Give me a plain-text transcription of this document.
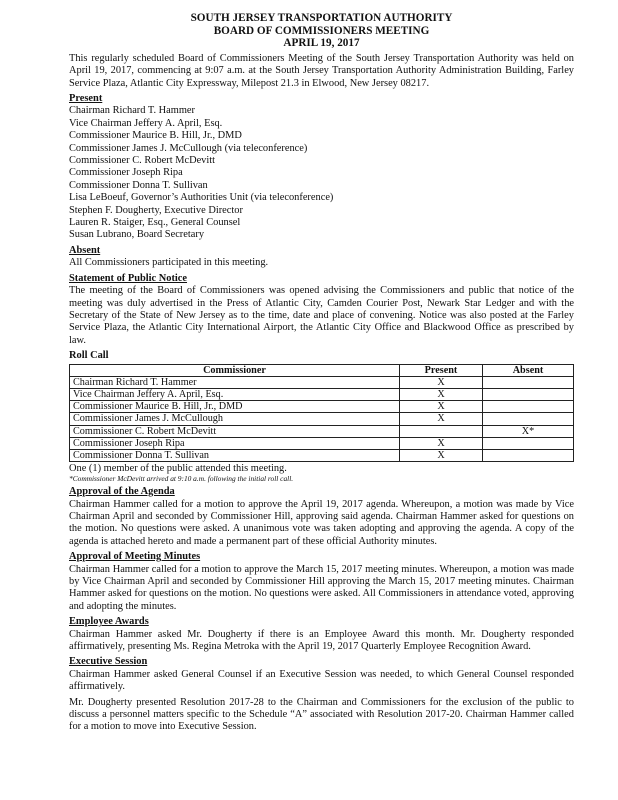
SOUTH JERSEY TRANSPORTATION AUTHORITY
BOARD OF COMMISSIONERS MEETING
APRIL 19, 2017

This regularly scheduled Board of Commissioners Meeting of the South Jersey Transportation Authority was held on April 19, 2017, commencing at 9:07 a.m. at the South Jersey Transportation Authority Administration Building, Farley Service Plaza, Atlantic City Expressway, Milepost 21.3 in Elwood, New Jersey 08217.

Present
Chairman Richard T. Hammer
Vice Chairman Jeffery A. April, Esq.
Commissioner Maurice B. Hill, Jr., DMD
Commissioner James J. McCullough (via teleconference)
Commissioner C. Robert McDevitt
Commissioner Joseph Ripa
Commissioner Donna T. Sullivan
Lisa LeBoeuf, Governor’s Authorities Unit (via teleconference)
Stephen F. Dougherty, Executive Director
Lauren R. Staiger, Esq., General Counsel
Susan Lubrano, Board Secretary
Absent

All Commissioners participated in this meeting.

Statement of Public Notice

The meeting of the Board of Commissioners was opened advising the Commissioners and public that notice of the meeting was duly advertised in the Press of Atlantic City, Camden Courier Post, Newark Star Ledger and with the Secretary of the State of New Jersey as to the time, date and place of convening. Notice was also posted at the Farley Service Plaza, the Atlantic City International Airport, the Atlantic City Office and Blackwood Office as prescribed by law.

Roll Call
Commissioner	Present	Absent
Chairman Richard T. Hammer	X	
Vice Chairman Jeffery A. April, Esq.	X	
Commissioner Maurice B. Hill, Jr., DMD	X	
Commissioner James J. McCullough	X	
Commissioner C. Robert McDevitt		X*
Commissioner Joseph Ripa	X	
Commissioner Donna T. Sullivan	X	
One (1) member of the public attended this meeting.
*Commissioner McDevitt arrived at 9:10 a.m. following the initial roll call.
Approval of the Agenda

Chairman Hammer called for a motion to approve the April 19, 2017 agenda. Whereupon, a motion was made by Vice Chairman April and seconded by Commissioner Hill, approving said agenda. Chairman Hammer asked for questions on the motion. No questions were asked. A unanimous vote was taken adopting and approving the agenda. A copy of the agenda is attached hereto and made a permanent part of these official Authority minutes.

Approval of Meeting Minutes

Chairman Hammer called for a motion to approve the March 15, 2017 meeting minutes. Whereupon, a motion was made by Vice Chairman April and seconded by Commissioner Hill approving the March 15, 2017 meeting minutes. Chairman Hammer asked for questions on the motion. No questions were asked. All Commissioners in attendance voted, approving and adopting the minutes.

Employee Awards

Chairman Hammer asked Mr. Dougherty if there is an Employee Award this month. Mr. Dougherty responded affirmatively, presenting Ms. Regina Metroka with the April 19, 2017 Quarterly Employee Recognition Award.

Executive Session

Chairman Hammer asked General Counsel if an Executive Session was needed, to which General Counsel responded affirmatively.

Mr. Dougherty presented Resolution 2017-28 to the Chairman and Commissioners for the exclusion of the public to discuss a personnel matters specific to the Schedule “A” associated with Resolution 2017-20. Chairman Hammer called for a motion to move into Executive Session.
